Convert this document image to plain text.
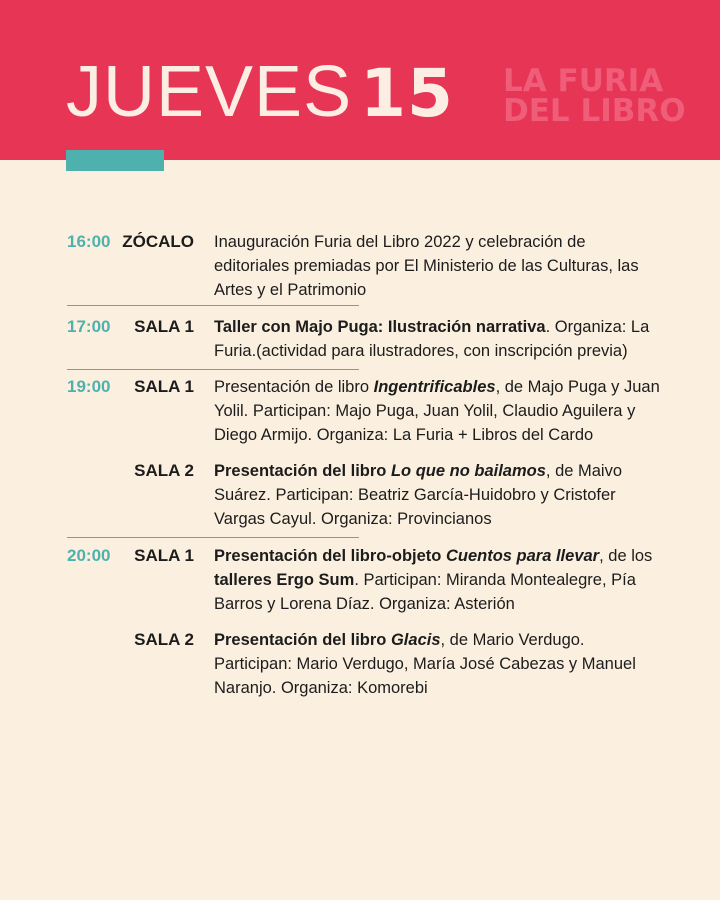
JUEVES 15 LA FURIA
DEL LIBRO
16:00 ZÓCALO Inauguración Furia del Libro 2022 y celebración de editoriales premiadas por El Ministerio de las Culturas, las Artes y el Patrimonio
17:00	SALA 1 Taller con Majo Puga: Ilustración narrativa. Organiza: La Furia.(actividad para ilustradores, con inscripción previa)
19:00	SALA 1 Presentación de libro Ingentrificables, de Majo Puga y Juan Yolil. Participan: Majo Puga, Juan Yolil, Claudio Aguilera y Diego Armijo. Organiza: La Furia + Libros del Cardo
SALA 2 Presentación del libro Lo que no bailamos, de Maivo Suárez. Participan: Beatriz García-Huidobro y Cristofer Vargas Cayul. Organiza: Provincianos
20:00	SALA 1 Presentación del libro-objeto Cuentos para llevar, de los talleres Ergo Sum. Participan: Miranda Montealegre, Pía Barros y Lorena Díaz. Organiza: Asterión
SALA 2 Presentación del libro Glacis, de Mario Verdugo. Participan: Mario Verdugo, María José Cabezas y Manuel Naranjo. Organiza: Komorebi
